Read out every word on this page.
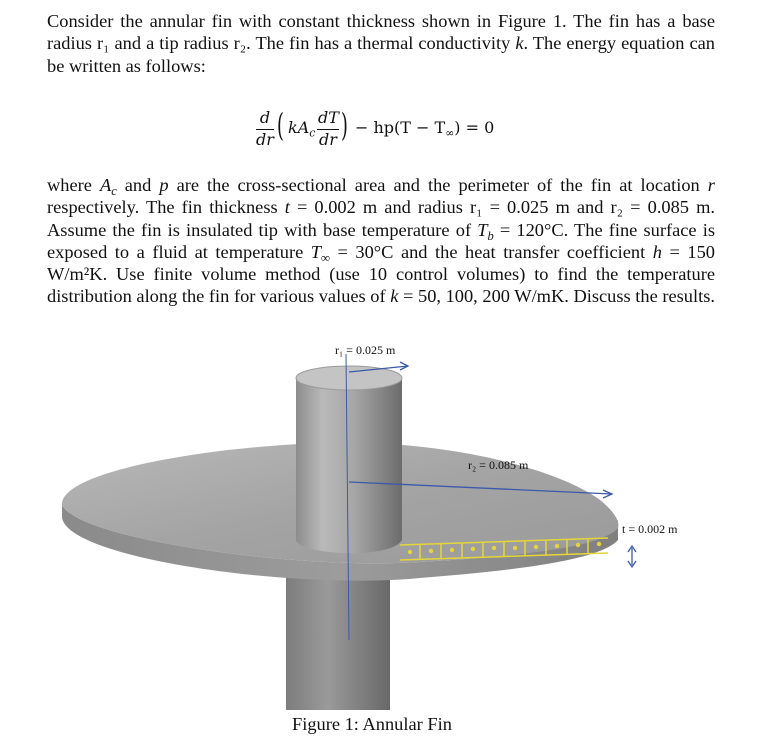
Consider the annular fin with constant thickness shown in Figure 1. The fin has a base radius r₁ and a tip radius r₂. The fin has a thermal conductivity k. The energy equation can be written as follows:
d
dr ( $kA_c$
dT
dr ) − $hp(T - T_\infty) = 0$
where $A_c$ and p are the cross-sectional area and the perimeter of the fin at location r respectively. The fin thickness t = 0.002 m and radius r₁ = 0.025 m and r₂ = 0.085 m. Assume the fin is insulated tip with base temperature of $T_b = 120^\circ C$. The fine surface is exposed to a fluid at temperature $T_\infty = 30^\circ C$ and the heat transfer coefficient h = 150 W/m²K. Use finite volume method (use 10 control volumes) to find the temperature distribution along the fin for various values of k = 50, 100, 200 W/mK. Discuss the results.
r₁ = 0.025 m
r₂ = 0.085 m
t = 0.002 m
Figure 1: Annular Fin
